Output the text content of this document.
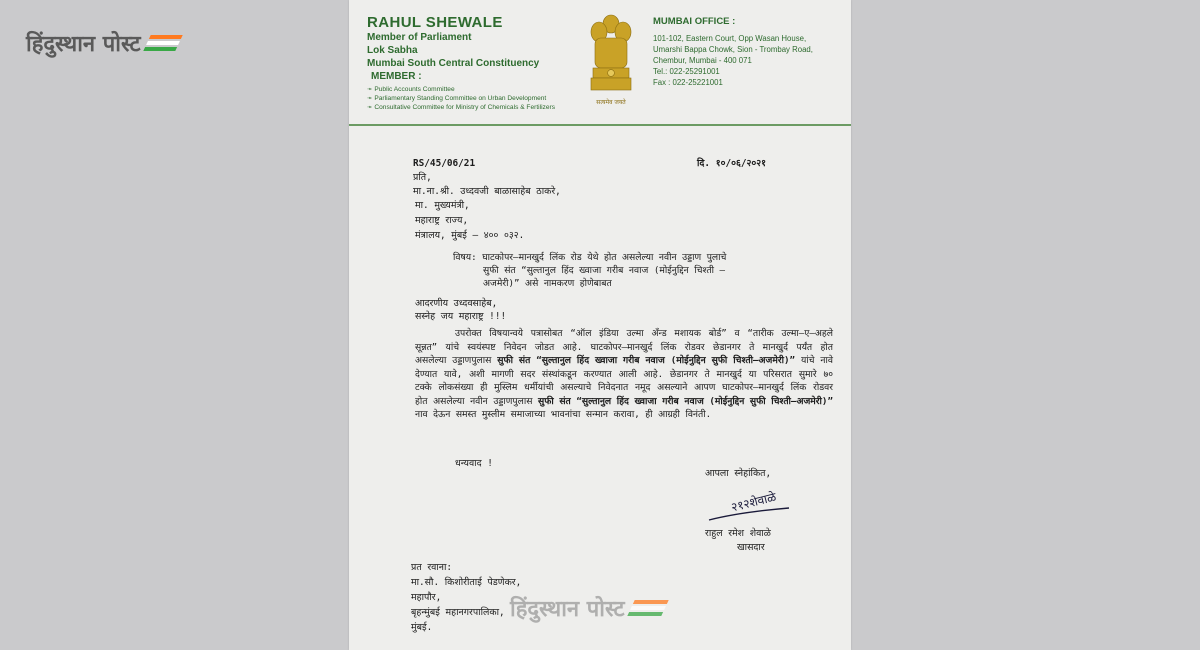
हिंदुस्थान पोस्ट
RAHUL SHEWALE
Member of Parliament
Lok Sabha
Mumbai South Central Constituency
MEMBER :
➛ Public Accounts Committee
➛ Parliamentary Standing Committee on Urban Development
➛ Consultative Committee for Ministry of Chemicals & Fertilizers
सत्यमेव जयते
MUMBAI OFFICE :
101-102, Eastern Court, Opp Wasan House,
Umarshi Bappa Chowk, Sion - Trombay Road,
Chembur, Mumbai - 400 071
Tel.: 022-25291001
Fax : 022-25221001
RS/45/06/21	दि. १०/०६/२०२१
प्रति,
मा.ना.श्री. उध्दवजी बाळासाहेब ठाकरे,
मा. मुख्यमंत्री,
महाराष्ट्र राज्य,
मंत्रालय, मुंबई – ४०० ०३२.
विषय: घाटकोपर–मानखुर्द लिंक रोड येथे होत असलेल्या नवीन उड्डाण पुलाचे
सुफी संत “सुल्तानुल हिंद ख्वाजा गरीब नवाज (मोईनुद्दिन चिश्ती –
अजमेरी)” असे नामकरण होणेबाबत
आदरणीय उध्दवसाहेब,
सस्नेह जय महाराष्ट्र !!!
उपरोक्त विषयान्वये पत्रासोबत “ऑल इंडिया उल्मा अँन्ड मशायक बोर्ड” व “तारीक उल्मा–ए–अहले सून्नत” यांचे स्वयंस्पष्ट निवेदन जोडत आहे. घाटकोपर–मानखुर्द लिंक रोडवर छेडानगर ते मानखुर्द पर्यंत होत असलेल्या उड्डाणपुलास सुफी संत “सुल्तानुल हिंद ख्वाजा गरीब नवाज (मोईनुद्दिन सुफी चिश्ती–अजमेरी)” यांचे नावे देण्यात यावे, अशी मागणी सदर संस्थांकडून करण्यात आली आहे. छेडानगर ते मानखुर्द या परिसरात सुमारे ७० टक्के लोकसंख्या ही मुस्लिम धर्मीयांची असल्याचे निवेदनात नमूद असल्याने आपण घाटकोपर–मानखुर्द लिंक रोडवर होत असलेल्या नवीन उड्डाणपुलास सुफी संत “सुल्तानुल हिंद ख्वाजा गरीब नवाज (मोईनुद्दिन सुफी चिश्ती–अजमेरी)” नाव देऊन समस्त मुस्लीम समाजाच्या भावनांचा सन्मान करावा, ही आग्रही विनंती.
धन्यवाद !
आपला स्नेहांकित,
२१२शेवाळे
राहुल रमेश शेवाळे
खासदार
प्रत रवाना:
मा.सौ. किशोरीताई पेडणेकर,
महापौर,
बृहन्मुंबई महानगरपालिका,
मुंबई.
हिंदुस्थान पोस्ट
